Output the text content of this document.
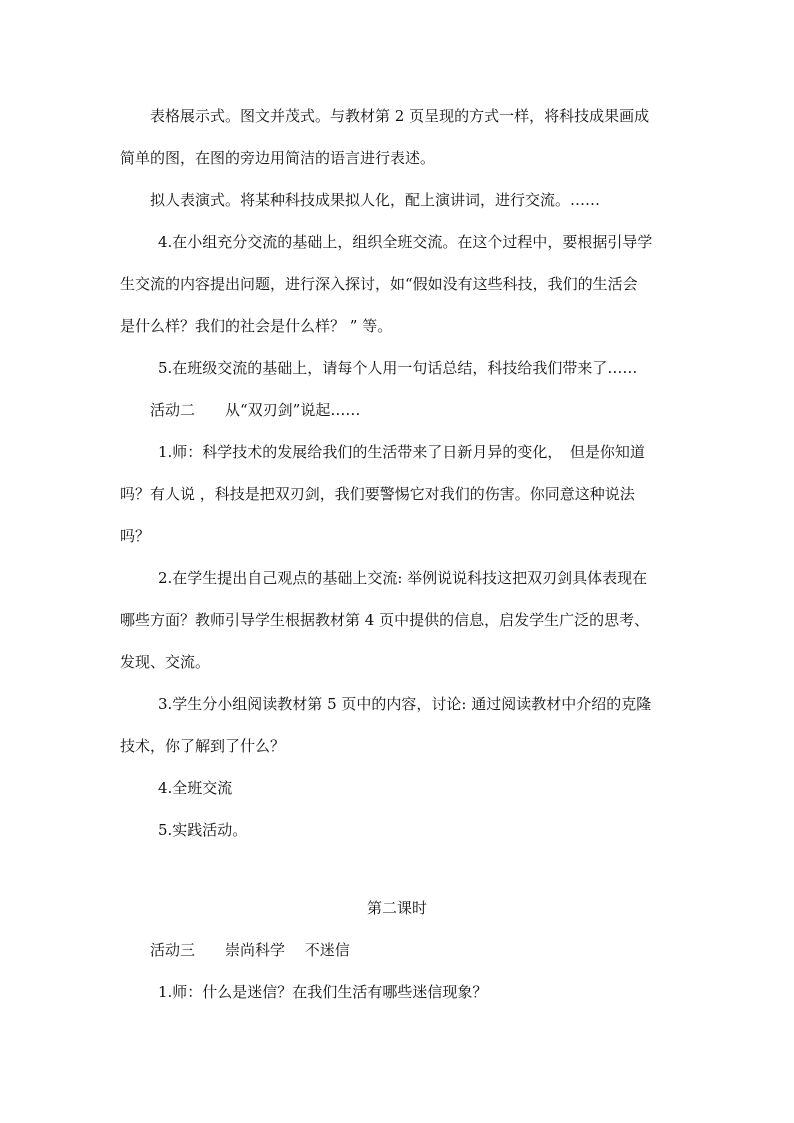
表格展示式。图文并茂式。与教材第 2 页呈现的方式一样，将科技成果画成
简单的图，在图的旁边用简洁的语言进行表述。
拟人表演式。将某种科技成果拟人化，配上演讲词，进行交流。……
4.在小组充分交流的基础上，组织全班交流。在这个过程中，要根据引导学
生交流的内容提出问题，进行深入探讨，如“假如没有这些科技，我们的生活会
是什么样？我们的社会是什么样？ ” 等。
5.在班级交流的基础上，请每个人用一句话总结，科技给我们带来了……
活动二　　从“双刃剑”说起……
1.师：科学技术的发展给我们的生活带来了日新月异的变化，　但是你知道
吗？有人说 ，科技是把双刃剑，我们要警惕它对我们的伤害。你同意这种说法
吗？
2.在学生提出自己观点的基础上交流: 举例说说科技这把双刃剑具体表现在
哪些方面？教师引导学生根据教材第 4 页中提供的信息，启发学生广泛的思考、
发现、交流。
3.学生分小组阅读教材第 5 页中的内容，讨论: 通过阅读教材中介绍的克隆
技术，你了解到了什么？
4.全班交流
5.实践活动。
第二课时
活动三　　崇尚科学　 不迷信
1.师：什么是迷信？在我们生活有哪些迷信现象？
